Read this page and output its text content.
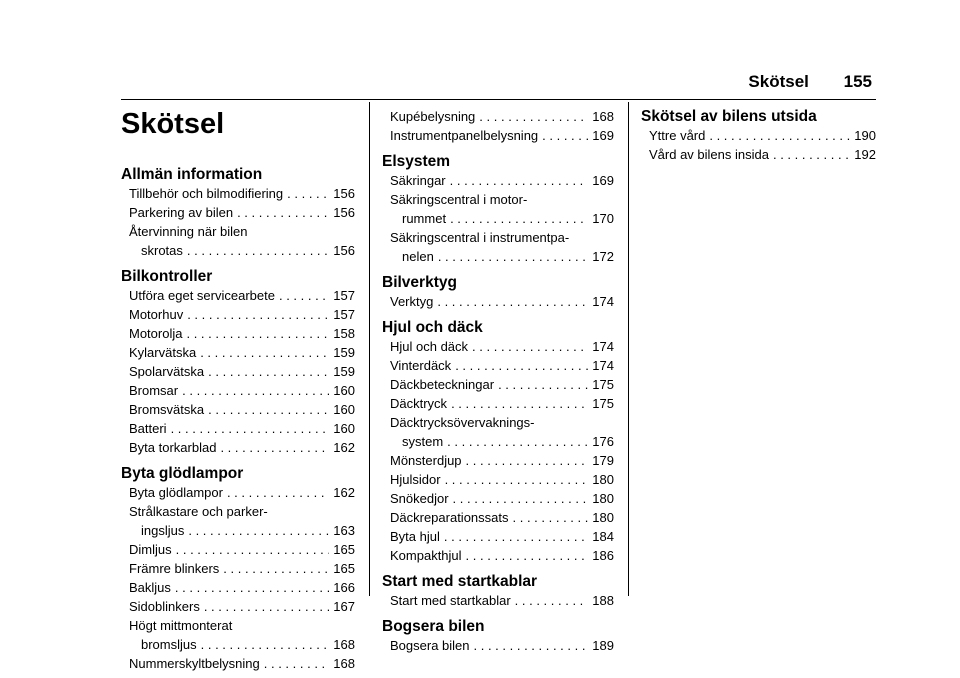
Skötsel 155
Skötsel
Allmän information
Tillbehör och bilmodifiering . . .	156
Parkering av bilen . . .	156
Återvinning när bilen
skrotas . . .	156
Bilkontroller
Utföra eget servicearbete . . .	157
Motorhuv . . .	157
Motorolja . . .	158
Kylarvätska . . .	159
Spolarvätska . . .	159
Bromsar . . .	160
Bromsvätska . . .	160
Batteri . . .	160
Byta torkarblad . . .	162
Byta glödlampor
Byta glödlampor . . .	162
Strålkastare och parker-
ingsljus . . .	163
Dimljus . . .	165
Främre blinkers . . .	165
Bakljus . . .	166
Sidoblinkers . . .	167
Högt mittmonterat
bromsljus . . .	168
Nummerskyltbelysning . . .	168
Kupébelysning . . .	168
Instrumentpanelbelysning . . .	169
Elsystem
Säkringar . . .	169
Säkringscentral i motor-
rummet . . .	170
Säkringscentral i instrumentpa-
nelen . . .	172
Bilverktyg
Verktyg . . .	174
Hjul och däck
Hjul och däck . . .	174
Vinterdäck . . .	174
Däckbeteckningar . . .	175
Däcktryck . . .	175
Däcktrycksövervaknings-
system . . .	176
Mönsterdjup . . .	179
Hjulsidor . . .	180
Snökedjor . . .	180
Däckreparationssats . . .	180
Byta hjul . . .	184
Kompakthjul . . .	186
Start med startkablar
Start med startkablar . . .	188
Bogsera bilen
Bogsera bilen . . .	189
Skötsel av bilens utsida
Yttre vård . . .	190
Vård av bilens insida . . .	192
